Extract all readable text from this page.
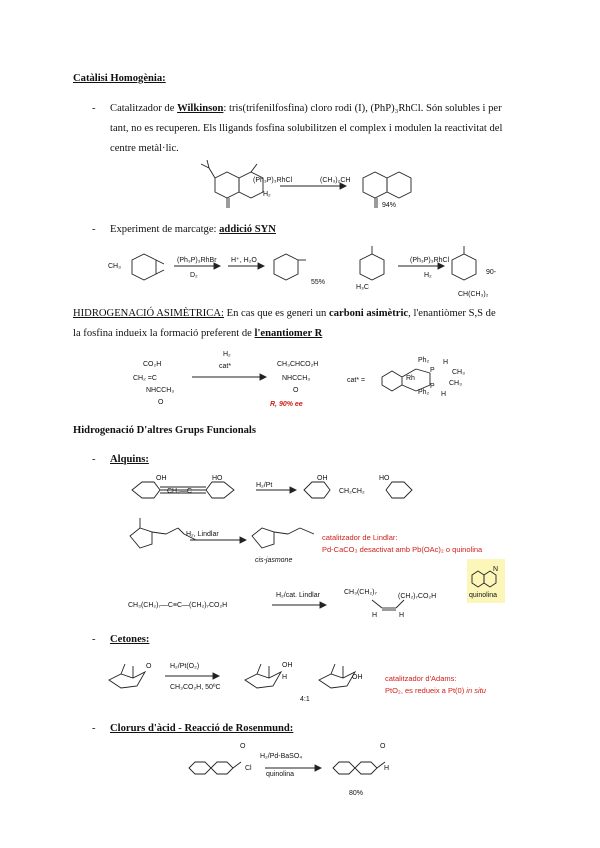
Catàlisi Homogènia:
- Catalitzador de Wilkinson: tris(trifenilfosfina) cloro rodi (I), (PhP)₃RhCl. Són solubles i per
tant, no es recuperen. Els lligands fosfina solubilitzen el complex i modulen la reactivitat del
centre metàl·lic.
(Ph₃P)₃RhCl
H₂
(CH₃)₂CH
94%
- Experiment de marcatge: addició SYN
CH₃
(Ph₃P)₃RhBr
D₂
H⁺, H₂O
55%
H₃C
(Ph₃P)₃RhCl
H₂	90-
CH(CH₃)₂
HIDROGENACIÓ ASIMÈTRICA: En cas que es generi un carboni asimètric, l'enantiòmer S,S de
la fosfina indueix la formació preferent de l'enantiomer R
CO₂H
CH₂ =C
NHCCH₃
O
H₂
cat*	CH₃CHCO₂H
NHCCH₃
O
R, 90% ee
cat* =
Ph₂
Ph₂
Rh
P
P
H
CH₃
CH₃
H
Hidrogenació D'altres Grups Funcionals
- Alquins:
OH	HO
CH₂—C
H₂/Pt
OH	HO
CH₂CH₂
H₂, Lindlar
cis-jasmone
catalitzador de Lindlar:
Pd-CaCO₃ desactivat amb Pb(OAc)₂ o quinolina
N
quinolina
CH₃(CH₂)₇—C≡C—(CH₂)₇CO₂H
H₂/cat. Lindlar	CH₃(CH₂)₇
(CH₂)₇CO₂H
H	H
- Cetones:
O	H₂/Pt(O₂)
CH₃CO₂H, 50ºC
OH
H	OH
4:1
catalitzador d'Adams:
PtO₂, es redueix a Pt(0) in situ
- Clorurs d'àcid - Reacció de Rosenmund:
O
Cl
H₂/Pd-BaSO₄
quinolina
O
H
80%
